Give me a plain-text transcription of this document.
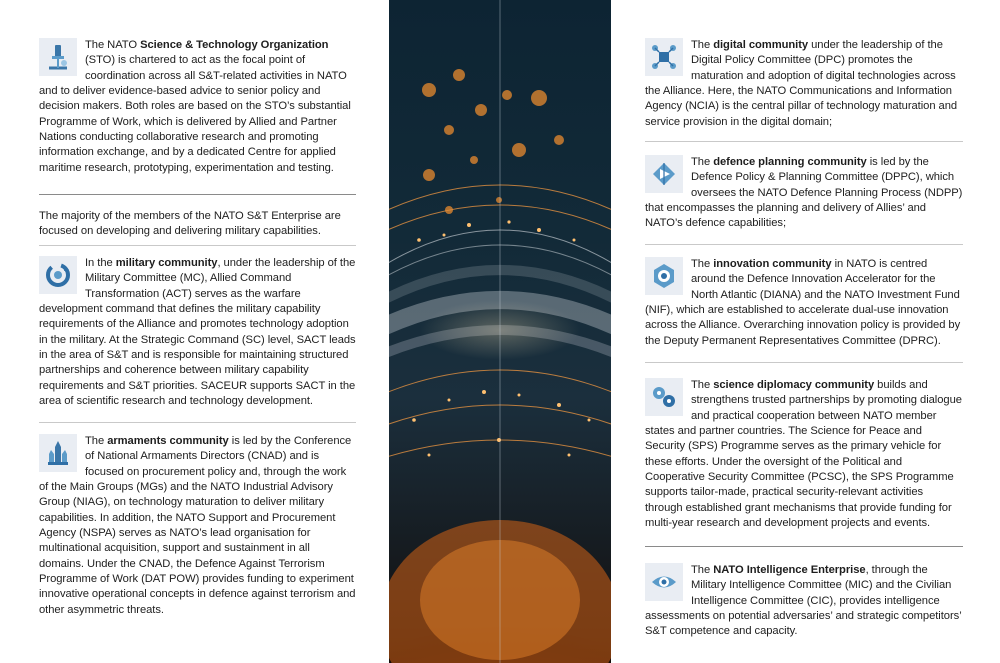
The NATO Science & Technology Organization (STO) is chartered to act as the focal point of coordination across all S&T-related activities in NATO and to deliver evidence-based advice to senior policy and decision makers. Both roles are based on the STO’s substantial Programme of Work, which is delivered by Allied and Partner Nations conducting collaborative research and promoting information exchange, and by a dedicated Centre for applied maritime research, prototyping, experimentation and testing.

The majority of the members of the NATO S&T Enterprise are focused on developing and delivering military capabilities.

In the military community, under the leadership of the Military Committee (MC), Allied Command Transformation (ACT) serves as the warfare development command that defines the military capability requirements of the Alliance and promotes technology adoption in the military. At the Strategic Command (SC) level, SACT leads in the area of S&T and is responsible for maintaining structured partnerships and coherence between military capability requirements and S&T priorities. SACEUR supports SACT in the area of scientific research and technology development.

The armaments community is led by the Conference of National Armaments Directors (CNAD) and is focused on procurement policy and, through the work of the Main Groups (MGs) and the NATO Industrial Advisory Group (NIAG), on technology maturation to deliver military capabilities. In addition, the NATO Support and Procurement Agency (NSPA) serves as NATO’s lead organisation for multinational acquisition, support and sustainment in all domains. Under the CNAD, the Defence Against Terrorism Programme of Work (DAT POW) provides funding to experiment innovative operational concepts in defence against terrorism and other asymmetric threats.

The digital community under the leadership of the Digital Policy Committee (DPC) promotes the maturation and adoption of digital technologies across the Alliance. Here, the NATO Communications and Information Agency (NCIA) is the central pillar of technology maturation and service provision in the digital domain;

The defence planning community is led by the Defence Policy & Planning Committee (DPPC), which oversees the NATO Defence Planning Process (NDPP) that encompasses the planning and delivery of Allies’ and NATO’s defence capabilities;

The innovation community in NATO is centred around the Defence Innovation Accelerator for the North Atlantic (DIANA) and the NATO Investment Fund (NIF), which are established to accelerate dual-use innovation across the Alliance. Overarching innovation policy is provided by the Deputy Permanent Representatives Committee (DPRC).

The science diplomacy community builds and strengthens trusted partnerships by promoting dialogue and practical cooperation between NATO member states and partner countries. The Science for Peace and Security (SPS) Programme serves as the primary vehicle for these efforts. Under the oversight of the Political and Cooperative Security Committee (PCSC), the SPS Programme supports tailor-made, practical security-relevant activities through established grant mechanisms that provide funding for multi-year research and development projects and events.

The NATO Intelligence Enterprise, through the Military Intelligence Committee (MIC) and the Civilian Intelligence Committee (CIC), provides intelligence assessments on potential adversaries’ and strategic competitors’ S&T competence and capacity.
